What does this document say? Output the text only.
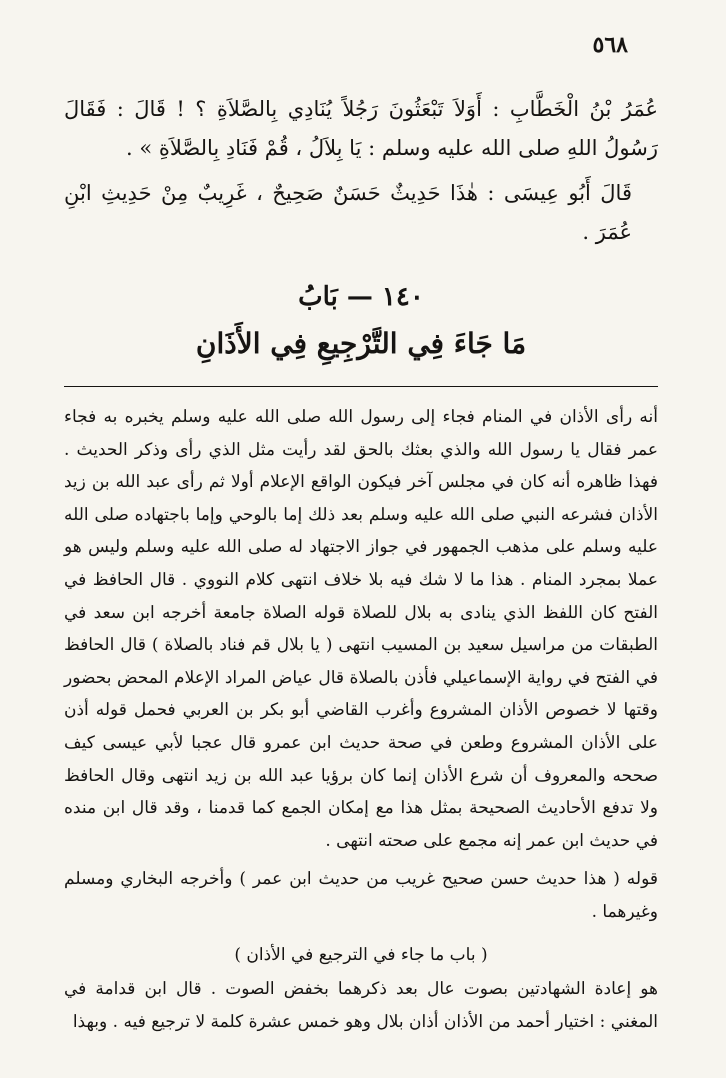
٥٦٨

عُمَرُ بْنُ الْخَطَّابِ : أَوَلاَ تَبْعَثُونَ رَجُلاً يُنَادِي بِالصَّلاَةِ ؟ ! قَالَ : فَقَالَ رَسُولُ اللهِ صلى الله عليه وسلم : يَا بِلاَلُ ، قُمْ فَنَادِ بِالصَّلاَةِ » .

قَالَ أَبُو عِيسَى : هٰذَا حَدِيثٌ حَسَنٌ صَحِيحٌ ، غَرِيبٌ مِنْ حَدِيثِ ابْنِ عُمَرَ .

١٤٠ — بَابُ
مَا جَاءَ فِي التَّرْجِيعِ فِي الأَذَانِ

أنه رأى الأذان في المنام فجاء إلى رسول الله صلى الله عليه وسلم يخبره به فجاء عمر فقال يا رسول الله والذي بعثك بالحق لقد رأيت مثل الذي رأى وذكر الحديث . فهذا ظاهره أنه كان في مجلس آخر فيكون الواقع الإعلام أولا ثم رأى عبد الله بن زيد الأذان فشرعه النبي صلى الله عليه وسلم بعد ذلك إما بالوحي وإما باجتهاده صلى الله عليه وسلم على مذهب الجمهور في جواز الاجتهاد له صلى الله عليه وسلم وليس هو عملا بمجرد المنام . هذا ما لا شك فيه بلا خلاف انتهى كلام النووي . قال الحافظ في الفتح كان اللفظ الذي ينادى به بلال للصلاة قوله الصلاة جامعة أخرجه ابن سعد في الطبقات من مراسيل سعيد بن المسيب انتهى ( يا بلال قم فناد بالصلاة ) قال الحافظ في الفتح في رواية الإسماعيلي فأذن بالصلاة قال عياض المراد الإعلام المحض بحضور وقتها لا خصوص الأذان المشروع وأغرب القاضي أبو بكر بن العربي فحمل قوله أذن على الأذان المشروع وطعن في صحة حديث ابن عمرو قال عجبا لأبي عيسى كيف صححه والمعروف أن شرع الأذان إنما كان برؤيا عبد الله بن زيد انتهى وقال الحافظ ولا تدفع الأحاديث الصحيحة بمثل هذا مع إمكان الجمع كما قدمنا ، وقد قال ابن منده في حديث ابن عمر إنه مجمع على صحته انتهى .

قوله ( هذا حديث حسن صحيح غريب من حديث ابن عمر ) وأخرجه البخاري ومسلم وغيرهما .

( باب ما جاء في الترجيع في الأذان )

هو إعادة الشهادتين بصوت عال بعد ذكرهما بخفض الصوت . قال ابن قدامة في المغني : اختيار أحمد من الأذان أذان بلال وهو خمس عشرة كلمة لا ترجيع فيه . وبهذا
